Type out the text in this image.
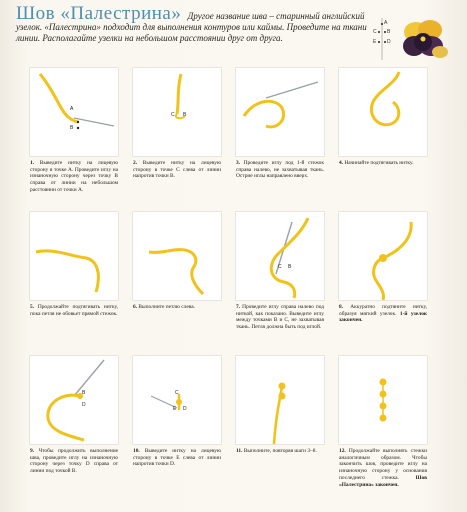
Шов «Палестрина» Другое название шва – старинный английский узелок. «Палестрина» подходит для выполнения контуров или каймы. Проведите на ткани линии. Располагайте узелки на небольшом расстоянии друг от друга.
A
C B
E D
A
B
1. Выведите нитку на лицевую сторону в точке А. Проведите иглу на изнаночную сторону через точку В справа от линии на небольшом расстоянии от точки А.
C B
2. Выведите нитку на лицевую сторону в точке С слева от линии напротив точки В.
3. Проведите иглу под 1-й стежок справа налево, не захватывая ткань. Острие иглы направлено вверх.
4. Начинайте подтягивать нитку.
5. Продолжайте подтягивать нитку, пока петля не обовьет прямой стежок.
6. Выполните петлю слева.
C B
7. Проведите иглу справа налево под ниткой, как показано. Выведите иглу между точками В и С, не захватывая ткань. Петля должна быть под иглой.
8. Аккуратно подтяните нитку, образуя мягкий узелок. 1-й узелок закончен.
B
D
9. Чтобы продолжить выполнение шва, проведите иглу на изнаночную сторону через точку D справа от линии под точкой В.
C
E D
10. Выведите нитку на лицевую сторону в точке Е слева от линии напротив точки D.
11. Выполните, повторяя шаги 3–8.	12. Продолжайте выполнять стежки аналогичным образом. Чтобы закончить шов, проведите иглу на изнаночную сторону у основания последнего стежка.	Шов «Палестрина» закончен.
